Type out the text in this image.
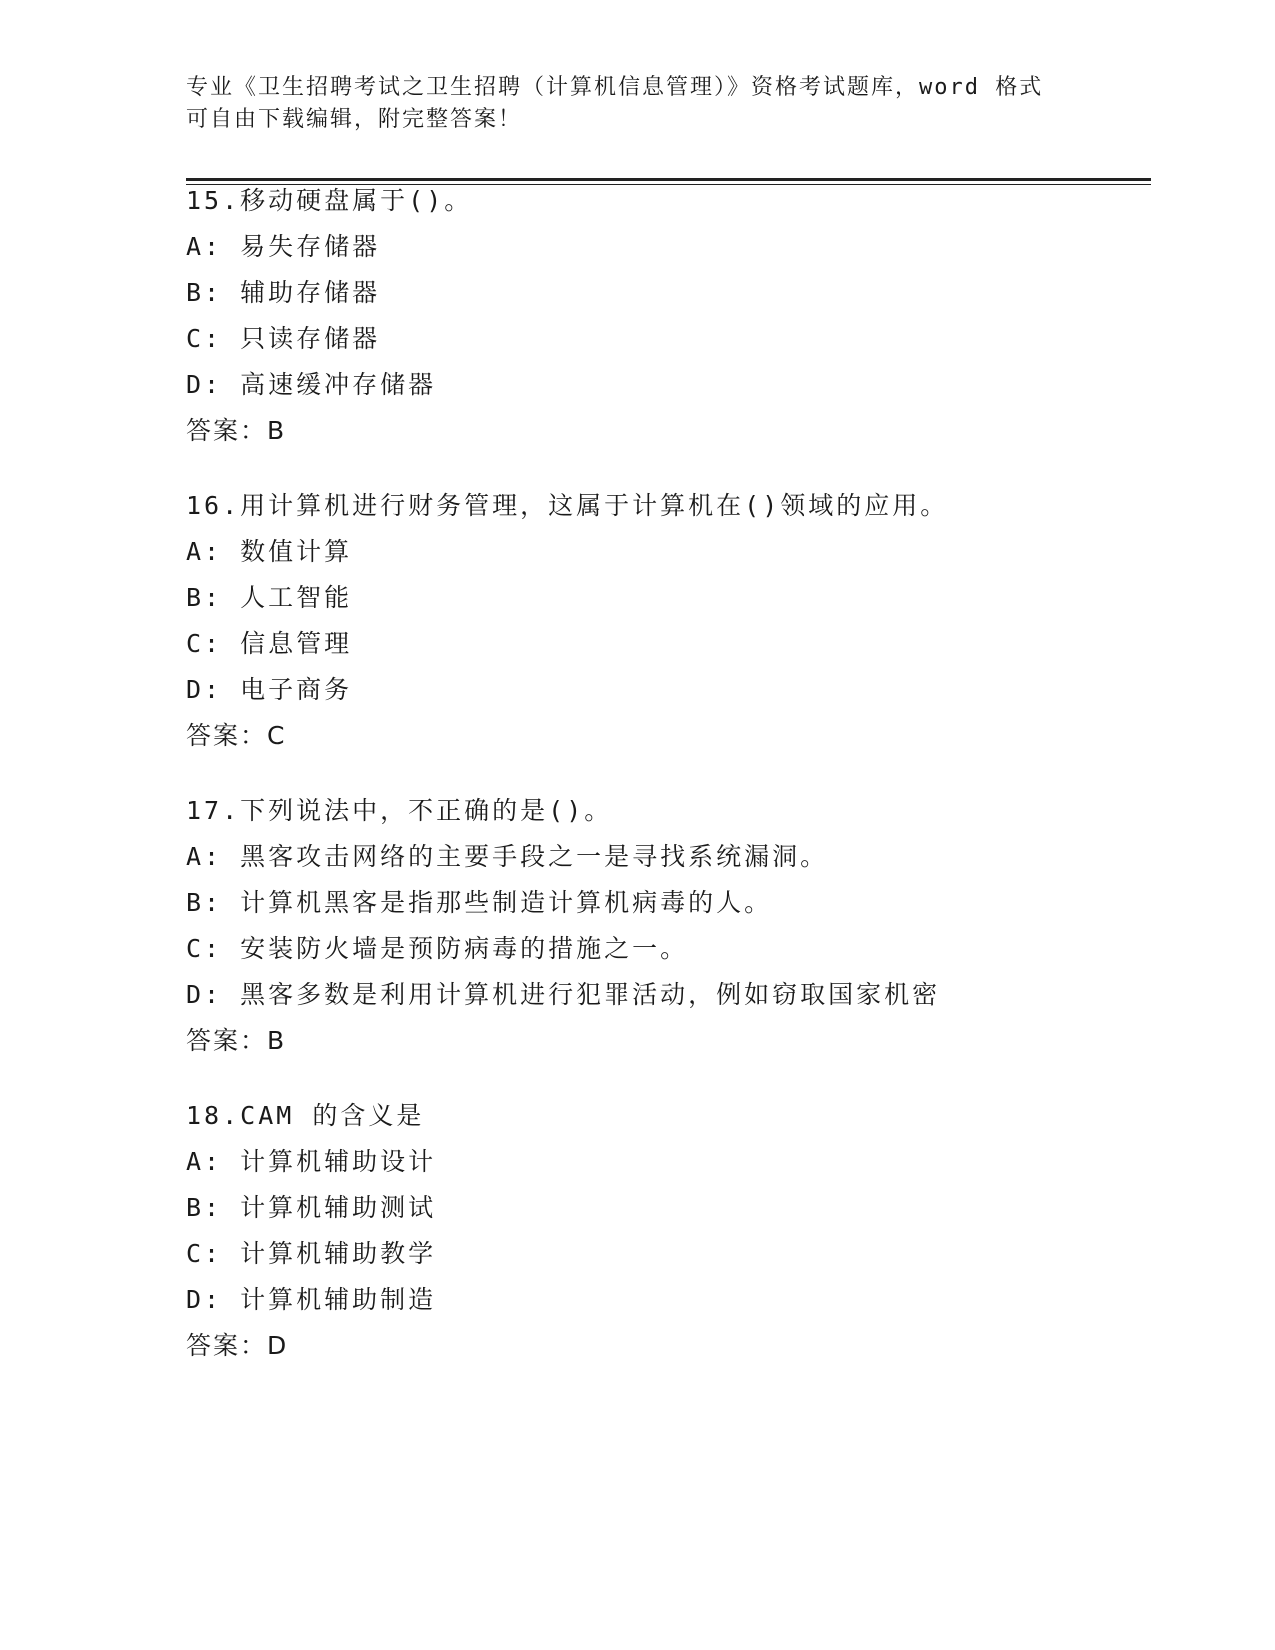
专业《卫生招聘考试之卫生招聘（计算机信息管理）》资格考试题库，word 格式
可自由下载编辑，附完整答案！
15.移动硬盘属于()。
A: 易失存储器
B: 辅助存储器
C: 只读存储器
D: 高速缓冲存储器
答案：B
16.用计算机进行财务管理，这属于计算机在()领域的应用。
A: 数值计算
B: 人工智能
C: 信息管理
D: 电子商务
答案：C
17.下列说法中，不正确的是()。
A: 黑客攻击网络的主要手段之一是寻找系统漏洞。
B: 计算机黑客是指那些制造计算机病毒的人。
C: 安装防火墙是预防病毒的措施之一。
D: 黑客多数是利用计算机进行犯罪活动，例如窃取国家机密
答案：B
18.CAM 的含义是
A: 计算机辅助设计
B: 计算机辅助测试
C: 计算机辅助教学
D: 计算机辅助制造
答案：D
